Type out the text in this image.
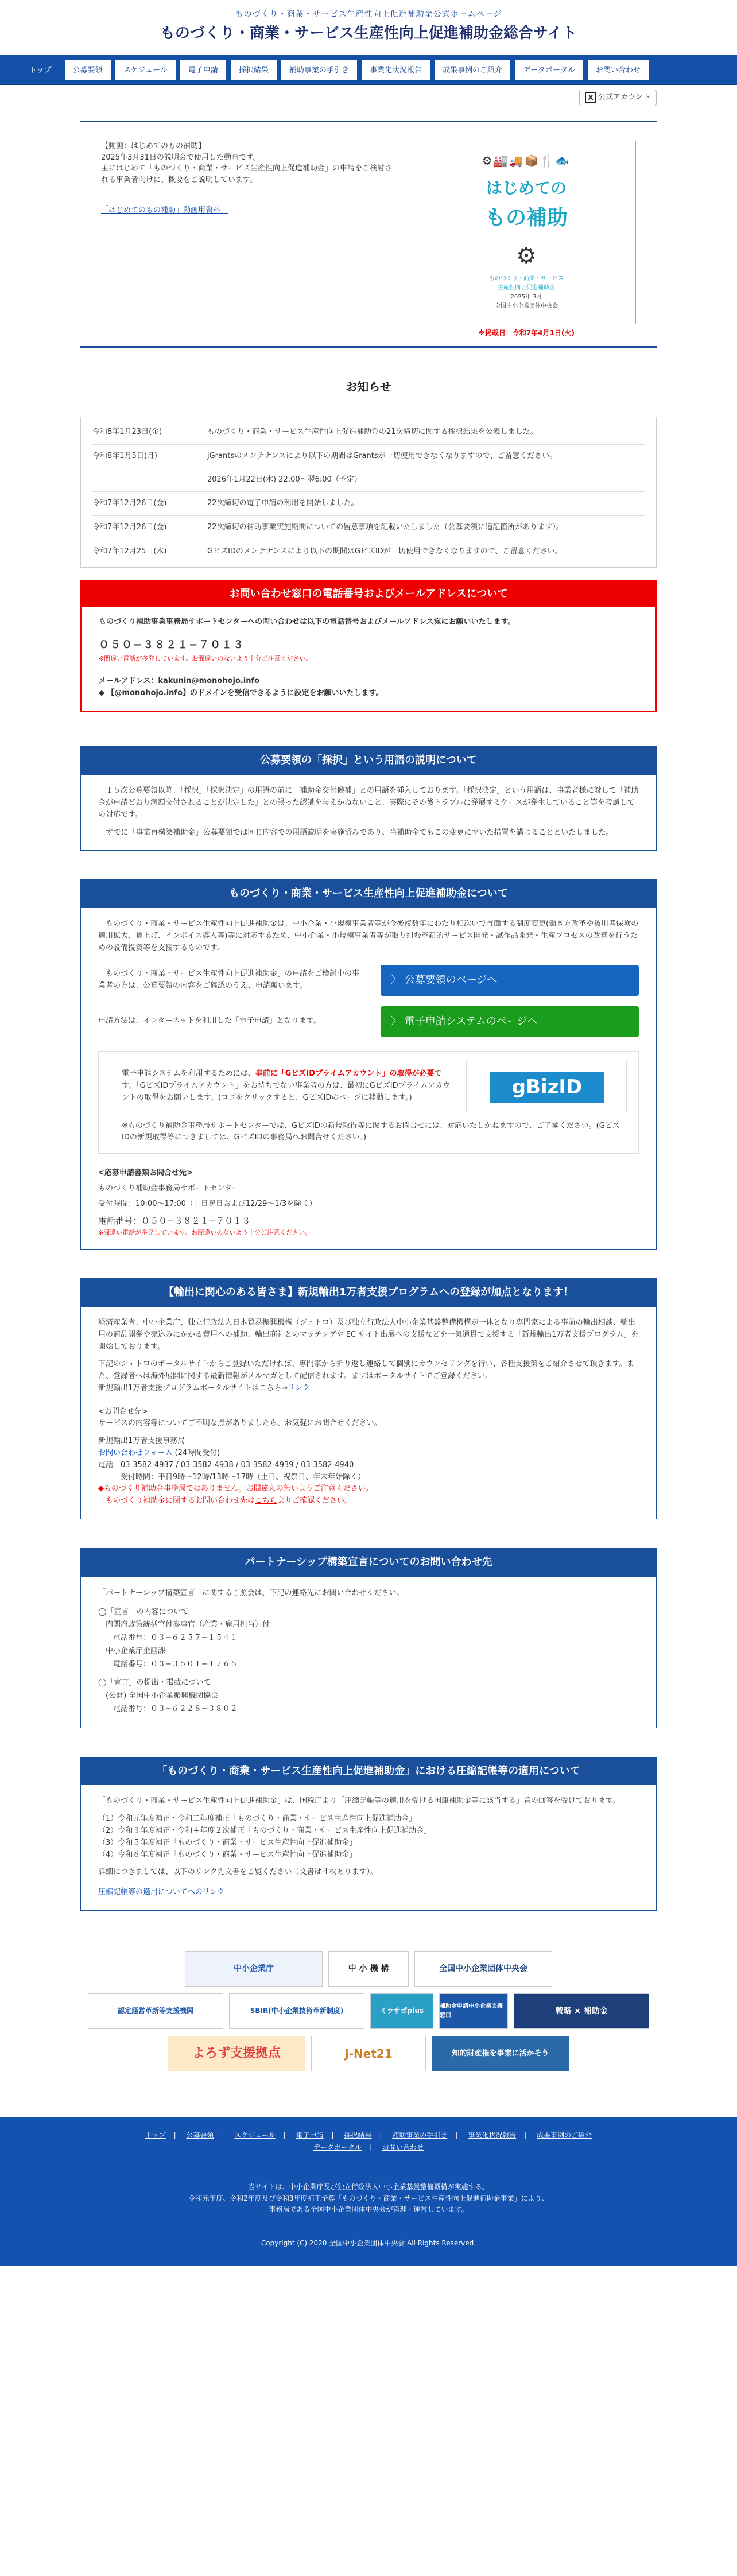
ものづくり・商業・サービス生産性向上促進補助金公式ホームページ
ものづくり・商業・サービス生産性向上促進補助金総合サイト
トップ	公募要領	スケジュール	電子申請	採択結果	補助事業の手引き	事業化状況報告	成果事例のご紹介	データポータル	お問い合わせ
X 公式アカウント
【動画：はじめてのもの補助】
2025年3月31日の説明会で使用した動画です。
主にはじめて「ものづくり・商業・サービス生産性向上促進補助金」の申請をご検討される事業者向けに、概要をご説明しています。
「はじめてのもの補助」動画用資料」
⚙🏭🚚📦🍴🐟
はじめての
もの補助
⚙
ものづくり・商業・サービス
生産性向上促進補助金
2025年 3月
全国中小企業団体中央会
※掲載日：令和7年4月1日(火)
お知らせ
令和8年1月23日(金)	ものづくり・商業・サービス生産性向上促進補助金の21次締切に関する採択結果を公表しました。
令和8年1月5日(月)	jGrantsのメンテナンスにより以下の期間はGrantsが一切使用できなくなりますので、ご留意ください。
2026年1月22日(木) 22:00〜翌6:00（予定）
令和7年12月26日(金)	22次締切の電子申請の利用を開始しました。
令和7年12月26日(金)	22次締切の補助事業実施期間についての留意事項を記載いたしました（公募要領に追記箇所があります）。
令和7年12月25日(木)	GビズIDのメンテナンスにより以下の期間はGビズIDが一切使用できなくなりますので、ご留意ください。
お問い合わせ窓口の電話番号およびメールアドレスについて
ものづくり補助事業事務局サポートセンターへの問い合わせは以下の電話番号およびメールアドレス宛にお願いいたします。
０５０−３８２１−７０１３
※間違い電話が多発しています。お間違いのないよう十分ご注意ください。
メールアドレス：kakunin@monohojo.info
◆ 【@monohojo.info】のドメインを受信できるように設定をお願いいたします。
公募要領の「採択」という用語の説明について

１５次公募要領以降、「採択」「採択決定」の用語の前に「補助金交付候補」との用語を挿入しております。「採択決定」という用語は、事業者様に対して「補助金が申請どおり満額交付されることが決定した」との誤った認識を与えかねないこと、実際にその後トラブルに発展するケースが発生していること等を考慮しての対応です。

すでに「事業再構築補助金」公募要領では同じ内容での用語説明を実施済みであり、当補助金でもこの変更に率いた措置を講じることといたしました。

ものづくり・商業・サービス生産性向上促進補助金について

ものづくり・商業・サービス生産性向上促進補助金は、中小企業・小規模事業者等が今後複数年にわたり相次いで直面する制度変更(働き方改革や被用者保険の適用拡大、賃上げ、インボイス導入等)等に対応するため、中小企業・小規模事業者等が取り組む革新的サービス開発・試作品開発・生産プロセスの改善を行うための設備投資等を支援するものです。

「ものづくり・商業・サービス生産性向上促進補助金」の申請をご検討中の事業者の方は、公募要領の内容をご確認のうえ、申請願います。	〉 公募要領のページへ
申請方法は、インターネットを利用した「電子申請」となります。	〉 電子申請システムのページへ
電子申請システムを利用するためには、事前に「GビズIDプライムアカウント」の取得が必要です。「GビズIDプライムアカウント」をお持ちでない事業者の方は、最初にGビズIDプライムアカウントの取得をお願いします。(ロゴをクリックすると、GビズIDのページに移動します。)	gBizID
※ものづくり補助金事務局サポートセンターでは、GビズIDの新規取得等に関するお問合せには、対応いたしかねますので、ご了承ください。(GビズIDの新規取得等につきましては、GビズIDの事務局へお問合せください。)
<応募申請書類お問合せ先>
ものづくり補助金事務局サポートセンター
受付時間：10:00〜17:00（土日祝日および12/29〜1/3を除く）
電話番号：０５０−３８２１−７０１３
※間違い電話が多発しています。お間違いのないよう十分ご注意ください。
【輸出に関心のある皆さま】新規輸出1万者支援プログラムへの登録が加点となります！

経済産業省、中小企業庁、独立行政法人日本貿易振興機構（ジェトロ）及び独立行政法人中小企業基盤整備機構が一体となり専門家による事前の輸出相談、輸出用の商品開発や売込みにかかる費用への補助、輸出商社とのマッチングや EC サイト出展への支援などを一気通貫で支援する「新規輸出1万者支援プログラム」を開始しております。

下記のジェトロのポータルサイトからご登録いただければ、専門家から折り返し連絡して個別にカウンセリングを行い、各種支援策をご紹介させて頂きます。また、登録者へは海外展開に関する最新情報がメルマガとして配信されます。ますはポータルサイトでご登録ください。

新規輸出1万者支援プログラムポータルサイトはこちら⇒リンク

<お問合せ先>

サービスの内容等についてご不明な点がありましたら、お気軽にお問合せください。

新規輸出1万者支援事務局

お問い合わせフォーム (24時間受付)

電話　03-3582-4937 / 03-3582-4938 / 03-3582-4939 / 03-3582-4940

　　　受付時間：平日9時〜12時/13時〜17時（土日、祝祭日、年末年始除く）

◆ものづくり補助金事務局ではありません。お間違えの無いようご注意ください。

　ものづくり補助金に関するお問い合わせ先はこちらよりご確認ください。

パートナーシップ構築宣言についてのお問い合わせ先

「パートナーシップ構築宣言」に関するご照会は、下記の連絡先にお問い合わせください。

◯「宣言」の内容について

　内閣府政策統括官付参事官（産業・雇用担当）付

　　電話番号：０３−６２５７−１５４１

　中小企業庁企画課

　　電話番号：０３−３５０１−１７６５

◯「宣言」の提出・掲載について

　(公財) 全国中小企業振興機関協会

　　電話番号：０３−６２２８−３８０２

「ものづくり・商業・サービス生産性向上促進補助金」における圧縮記帳等の適用について

「ものづくり・商業・サービス生産性向上促進補助金」は、国税庁より「圧縮記帳等の適用を受ける国庫補助金等に該当する」旨の回答を受けております。

（1）令和元年度補正・令和二年度補正「ものづくり・商業・サービス生産性向上促進補助金」

（2）令和３年度補正・令和４年度２次補正「ものづくり・商業・サービス生産性向上促進補助金」

（3）令和５年度補正「ものづくり・商業・サービス生産性向上促進補助金」

（4）令和６年度補正「ものづくり・商業・サービス生産性向上促進補助金」

詳細につきましては、以下のリンク先文書をご覧ください（文書は４枚あります）。

圧縮記帳等の適用についてへのリンク

中小企業庁	中 小 機 構	全国中小企業団体中央会
認定経営革新等支援機関	SBIR(中小企業技術革新制度)	ミラサポplus
補助金申請中小企業支援窓口	戦略 × 補助金
よろず支援拠点	J-Net21	知的財産権を事業に活かそう
トップ | 公募要領 | スケジュール | 電子申請 | 採択結果 | 補助事業の手引き | 事業化状況報告 | 成果事例のご紹介
データポータル | お問い合わせ
当サイトは、中小企業庁及び独立行政法人中小企業基盤整備機構が実施する、
令和元年度、令和2年度及び令和3年度補正予算「ものづくり・商業・サービス生産性向上促進補助金事業」により、
事務局である全国中小企業団体中央会が管理・運営しています。
Copyright (C) 2020 全国中小企業団体中央会 All Rights Reserved.
